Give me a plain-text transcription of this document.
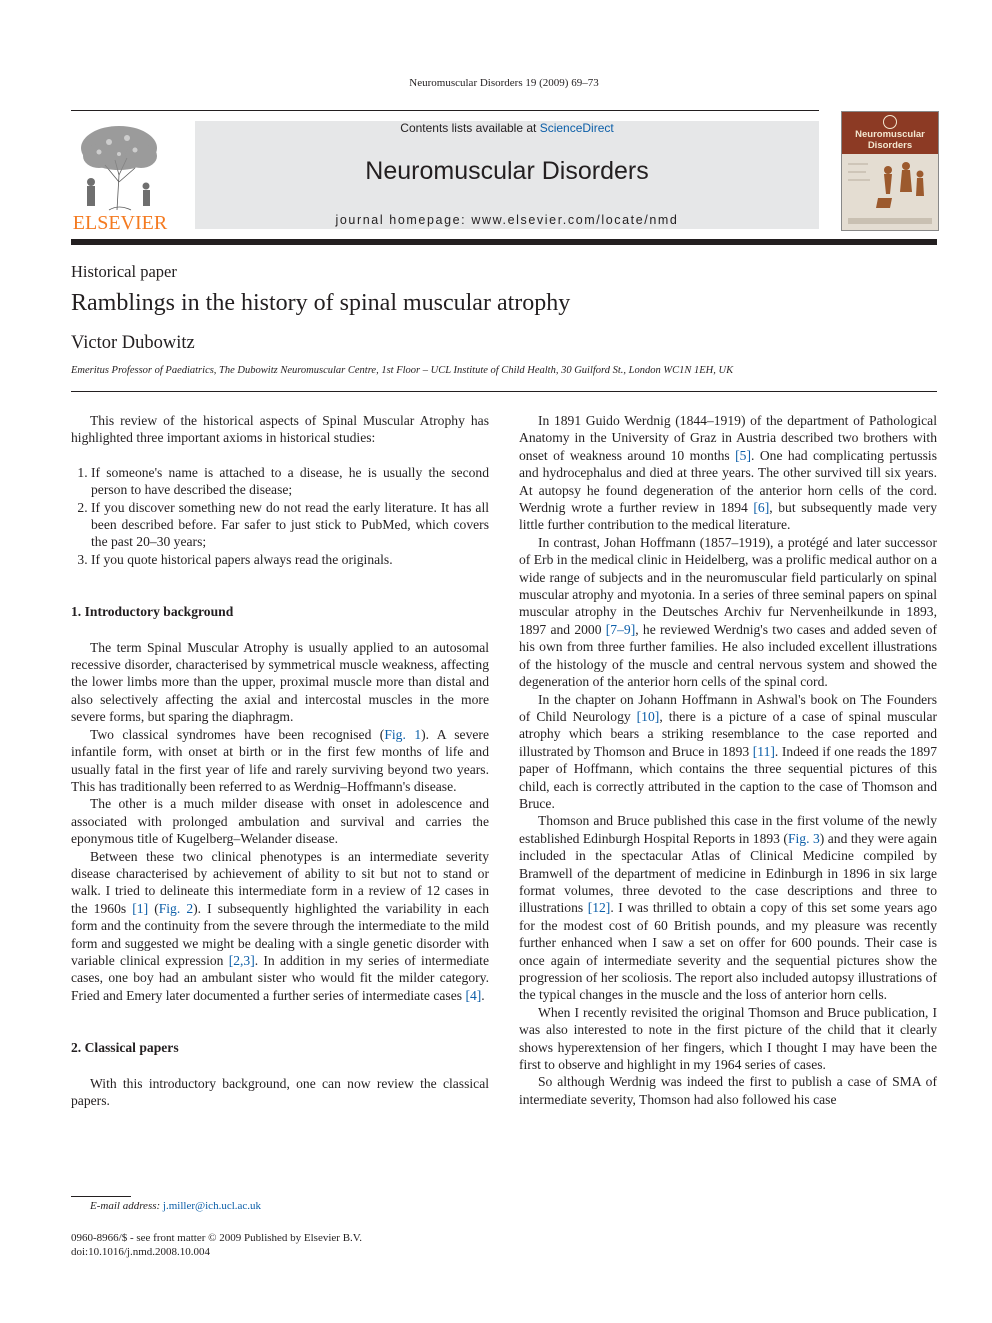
Neuromuscular Disorders 19 (2009) 69–73
ELSEVIER
Contents lists available at ScienceDirect
Neuromuscular Disorders
journal homepage: www.elsevier.com/locate/nmd
Neuromuscular Disorders
Historical paper
Ramblings in the history of spinal muscular atrophy
Victor Dubowitz
Emeritus Professor of Paediatrics, The Dubowitz Neuromuscular Centre, 1st Floor – UCL Institute of Child Health, 30 Guilford St., London WC1N 1EH, UK

This review of the historical aspects of Spinal Muscular Atrophy has highlighted three important axioms in historical studies:

1. If someone's name is attached to a disease, he is usually the second person to have described the disease;
2. If you discover something new do not read the early literature. It has all been described before. Far safer to just stick to PubMed, which covers the past 20–30 years;
3. If you quote historical papers always read the originals.
1. Introductory background

The term Spinal Muscular Atrophy is usually applied to an autosomal recessive disorder, characterised by symmetrical muscle weakness, affecting the lower limbs more than the upper, proximal muscle more than distal and also selectively affecting the axial and intercostal muscles in the more severe forms, but sparing the diaphragm.

Two classical syndromes have been recognised (Fig. 1). A severe infantile form, with onset at birth or in the first few months of life and usually fatal in the first year of life and rarely surviving beyond two years. This has traditionally been referred to as Werdnig–Hoffmann's disease.

The other is a much milder disease with onset in adolescence and associated with prolonged ambulation and survival and carries the eponymous title of Kugelberg–Welander disease.

Between these two clinical phenotypes is an intermediate severity disease characterised by achievement of ability to sit but not to stand or walk. I tried to delineate this intermediate form in a review of 12 cases in the 1960s [1] (Fig. 2). I subsequently highlighted the variability in each form and the continuity from the severe through the intermediate to the mild form and suggested we might be dealing with a single genetic disorder with variable clinical expression [2,3]. In addition in my series of intermediate cases, one boy had an ambulant sister who would fit the milder category. Fried and Emery later documented a further series of intermediate cases [4].

2. Classical papers

With this introductory background, one can now review the classical papers.

In 1891 Guido Werdnig (1844–1919) of the department of Pathological Anatomy in the University of Graz in Austria described two brothers with onset of weakness around 10 months [5]. One had complicating pertussis and hydrocephalus and died at three years. The other survived till six years. At autopsy he found degeneration of the anterior horn cells of the cord. Werdnig wrote a further review in 1894 [6], but subsequently made very little further contribution to the medical literature.

In contrast, Johan Hoffmann (1857–1919), a protégé and later successor of Erb in the medical clinic in Heidelberg, was a prolific medical author on a wide range of subjects and in the neuromuscular field particularly on spinal muscular atrophy and myotonia. In a series of three seminal papers on spinal muscular atrophy in the Deutsches Archiv fur Nervenheilkunde in 1893, 1897 and 2000 [7–9], he reviewed Werdnig's two cases and added seven of his own from three further families. He also included excellent illustrations of the histology of the muscle and central nervous system and showed the degeneration of the anterior horn cells of the spinal cord.

In the chapter on Johann Hoffmann in Ashwal's book on The Founders of Child Neurology [10], there is a picture of a case of spinal muscular atrophy which bears a striking resemblance to the case reported and illustrated by Thomson and Bruce in 1893 [11]. Indeed if one reads the 1897 paper of Hoffmann, which contains the three sequential pictures of this child, each is correctly attributed in the caption to the case of Thomson and Bruce.

Thomson and Bruce published this case in the first volume of the newly established Edinburgh Hospital Reports in 1893 (Fig. 3) and they were again included in the spectacular Atlas of Clinical Medicine compiled by Bramwell of the department of medicine in Edinburgh in 1896 in six large format volumes, three devoted to the case descriptions and three to illustrations [12]. I was thrilled to obtain a copy of this set some years ago for the modest cost of 60 British pounds, and my pleasure was recently further enhanced when I saw a set on offer for 600 pounds. Their case is once again of intermediate severity and the sequential pictures show the progression of her scoliosis. The report also included autopsy illustrations of the typical changes in the muscle and the loss of anterior horn cells.

When I recently revisited the original Thomson and Bruce publication, I was also interested to note in the first picture of the child that it clearly shows hyperextension of her fingers, which I thought I may have been the first to observe and highlight in my 1964 series of cases.

So although Werdnig was indeed the first to publish a case of SMA of intermediate severity, Thomson had also followed his case

E-mail address: j.miller@ich.ucl.ac.uk
0960-8966/$ - see front matter © 2009 Published by Elsevier B.V.
doi:10.1016/j.nmd.2008.10.004
